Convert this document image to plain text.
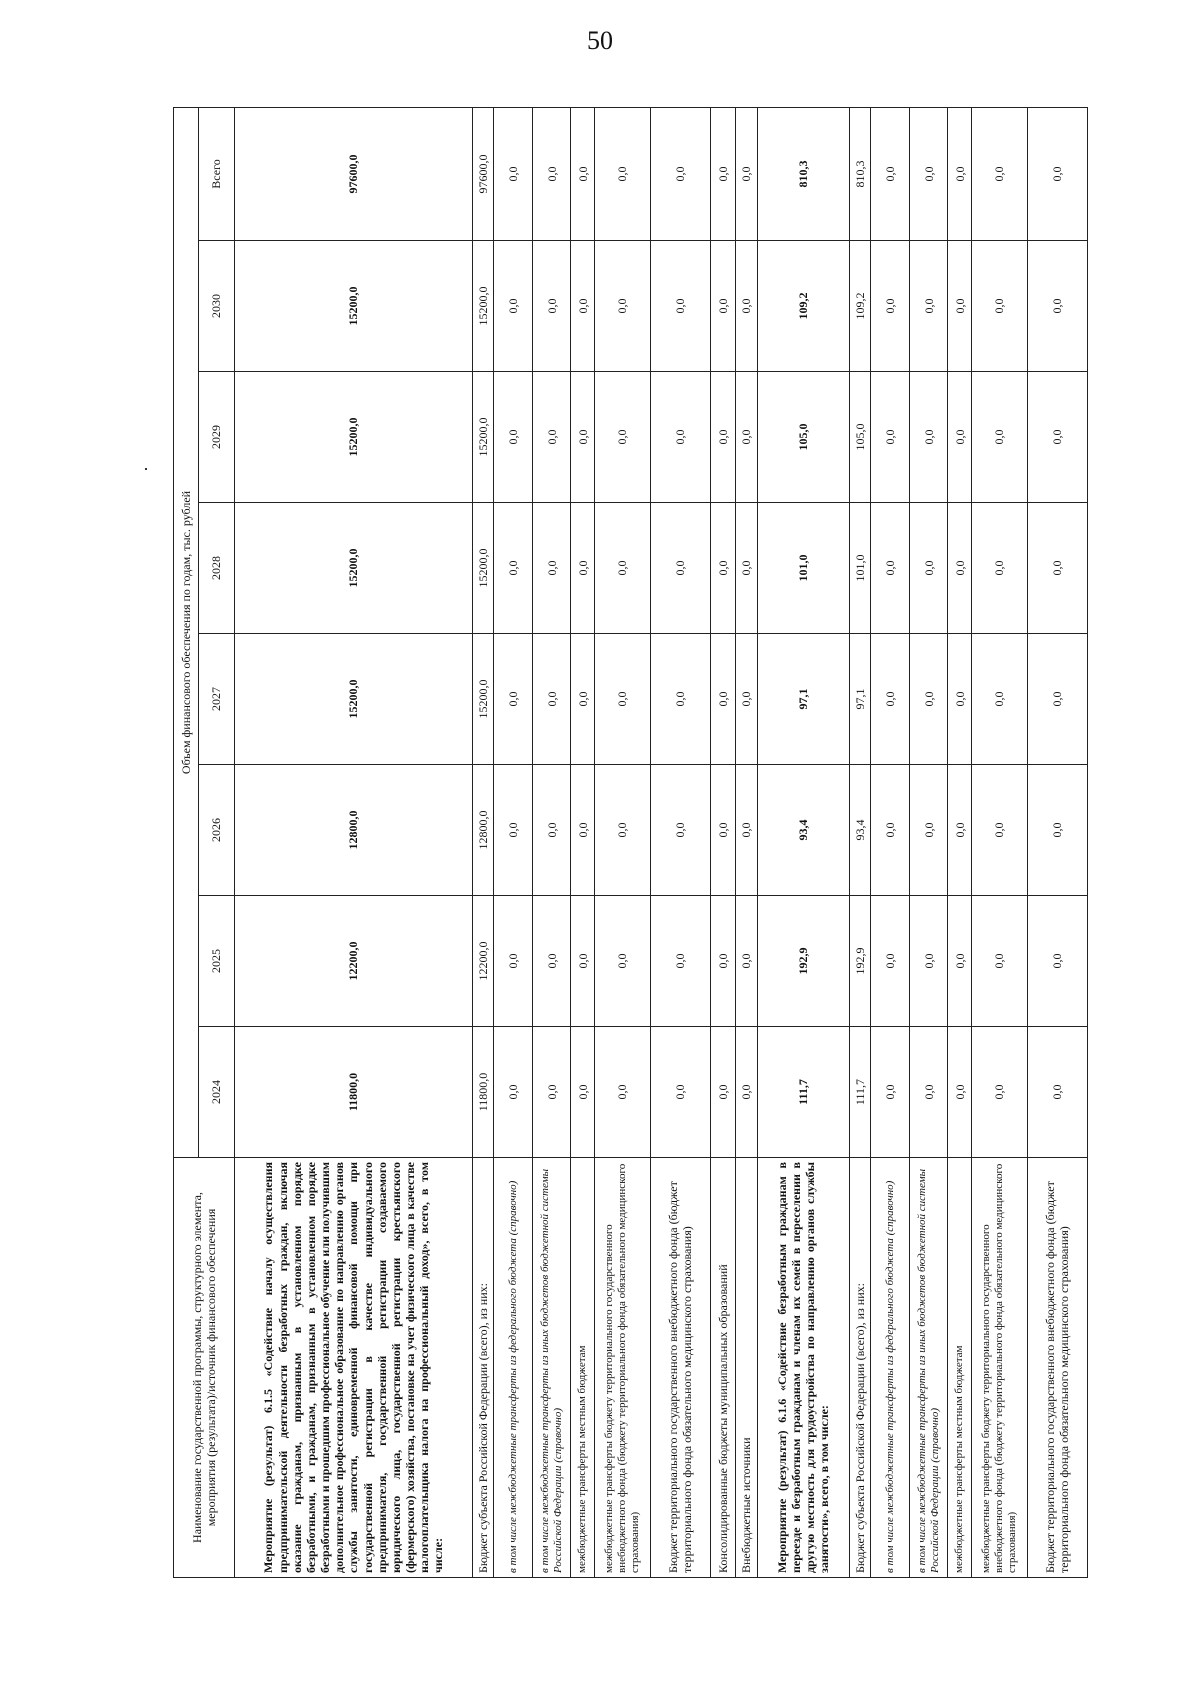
50
Наименование государственной программы, структурного элемента, мероприятия (результата)/источник финансового обеспечения	Объем финансового обеспечения по годам, тыс. рублей							
	2024	2025	2026	2027	2028	2029	2030	Всего
Мероприятие (результат) 6.1.5 «Содействие началу осуществления предпринимательской деятельности безработных граждан, включая оказание гражданам, признанным в установленном порядке безработными, и гражданам, признанным в установленном порядке безработными и прошедшим профессиональное обучение или получившим дополнительное профессиональное образование по направлению органов службы занятости, единовременной финансовой помощи при государственной регистрации в качестве индивидуального предпринимателя, государственной регистрации создаваемого юридического лица, государственной регистрации крестьянского (фермерского) хозяйства, постановке на учет физического лица в качестве налогоплательщика налога на профессиональный доход», всего, в том числе:	11800,0	12200,0	12800,0	15200,0	15200,0	15200,0	15200,0	97600,0
Бюджет субъекта Российской Федерации (всего), из них:	11800,0	12200,0	12800,0	15200,0	15200,0	15200,0	15200,0	97600,0
в том числе межбюджетные трансферты из федерального бюджета (справочно)	0,0	0,0	0,0	0,0	0,0	0,0	0,0	0,0
в том числе межбюджетные трансферты из иных бюджетов бюджетной системы Российской Федерации (справочно)	0,0	0,0	0,0	0,0	0,0	0,0	0,0	0,0
межбюджетные трансферты местным бюджетам	0,0	0,0	0,0	0,0	0,0	0,0	0,0	0,0
межбюджетные трансферты бюджету территориального государственного внебюджетного фонда (бюджету территориального фонда обязательного медицинского страхования)	0,0	0,0	0,0	0,0	0,0	0,0	0,0	0,0
Бюджет территориального государственного внебюджетного фонда (бюджет территориального фонда обязательного медицинского страхования)	0,0	0,0	0,0	0,0	0,0	0,0	0,0	0,0
Консолидированные бюджеты муниципальных образований	0,0	0,0	0,0	0,0	0,0	0,0	0,0	0,0
Внебюджетные источники	0,0	0,0	0,0	0,0	0,0	0,0	0,0	0,0
Мероприятие (результат) 6.1.6 «Содействие безработным гражданам в переезде и безработным гражданам и членам их семей в переселении в другую местность для трудоустройства по направлению органов службы занятости», всего, в том числе:	111,7	192,9	93,4	97,1	101,0	105,0	109,2	810,3
Бюджет субъекта Российской Федерации (всего), из них:	111,7	192,9	93,4	97,1	101,0	105,0	109,2	810,3
в том числе межбюджетные трансферты из федерального бюджета (справочно)	0,0	0,0	0,0	0,0	0,0	0,0	0,0	0,0
в том числе межбюджетные трансферты из иных бюджетов бюджетной системы Российской Федерации (справочно)	0,0	0,0	0,0	0,0	0,0	0,0	0,0	0,0
межбюджетные трансферты местным бюджетам	0,0	0,0	0,0	0,0	0,0	0,0	0,0	0,0
межбюджетные трансферты бюджету территориального государственного внебюджетного фонда (бюджету территориального фонда обязательного медицинского страхования)	0,0	0,0	0,0	0,0	0,0	0,0	0,0	0,0
Бюджет территориального государственного внебюджетного фонда (бюджет территориального фонда обязательного медицинского страхования)	0,0	0,0	0,0	0,0	0,0	0,0	0,0	0,0
